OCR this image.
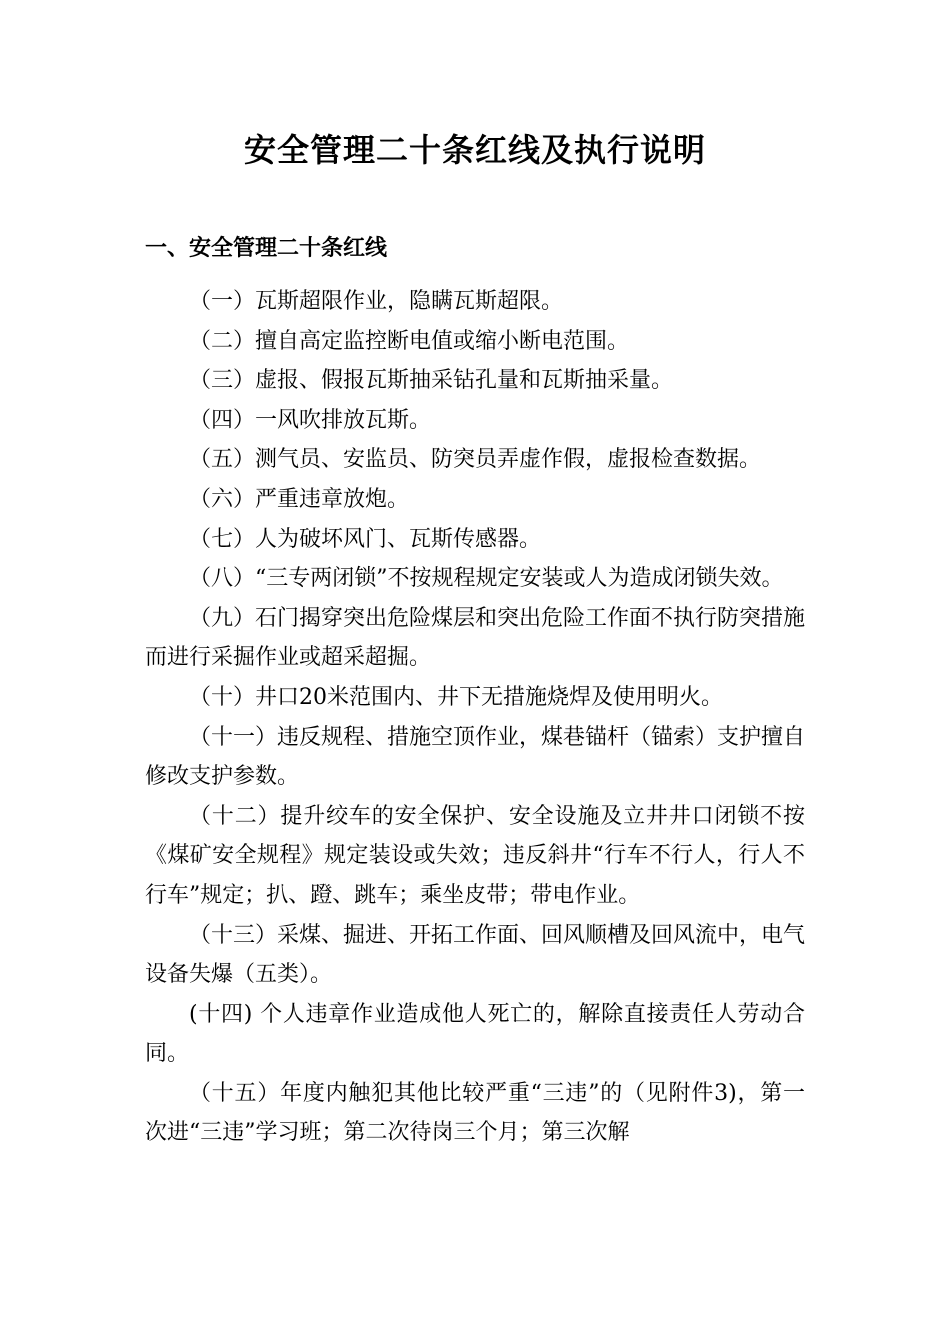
安全管理二十条红线及执行说明
一、安全管理二十条红线

（一）瓦斯超限作业，隐瞒瓦斯超限。

（二）擅自高定监控断电值或缩小断电范围。

（三）虚报、假报瓦斯抽采钻孔量和瓦斯抽采量。

（四）一风吹排放瓦斯。

（五）测气员、安监员、防突员弄虚作假，虚报检查数据。

（六）严重违章放炮。

（七）人为破坏风门、瓦斯传感器。

（八）“三专两闭锁”不按规程规定安装或人为造成闭锁失效。

（九）石门揭穿突出危险煤层和突出危险工作面不执行防突措施而进行采掘作业或超采超掘。

（十）井口20米范围内、井下无措施烧焊及使用明火。

（十一）违反规程、措施空顶作业，煤巷锚杆（锚索）支护擅自修改支护参数。

（十二）提升绞车的安全保护、安全设施及立井井口闭锁不按《煤矿安全规程》规定装设或失效；违反斜井“行车不行人，行人不行车”规定；扒、蹬、跳车；乘坐皮带；带电作业。

（十三）采煤、掘进、开拓工作面、回风顺槽及回风流中，电气设备失爆（五类）。

(十四) 个人违章作业造成他人死亡的，解除直接责任人劳动合同。

（十五）年度内触犯其他比较严重“三违”的（见附件3)，第一次进“三违”学习班；第二次待岗三个月；第三次解
